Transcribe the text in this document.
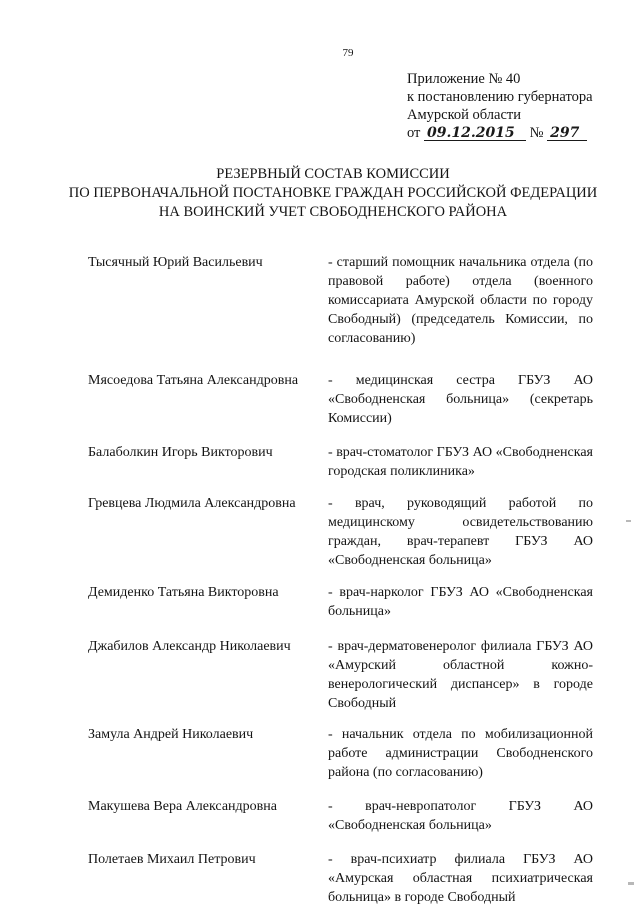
79
Приложение № 40
к постановлению губернатора
Амурской области
от 09.12.2015 № 297
РЕЗЕРВНЫЙ СОСТАВ КОМИССИИ
ПО ПЕРВОНАЧАЛЬНОЙ ПОСТАНОВКЕ ГРАЖДАН РОССИЙСКОЙ ФЕДЕРАЦИИ
НА ВОИНСКИЙ УЧЕТ СВОБОДНЕНСКОГО РАЙОНА
Тысячный Юрий Васильевич	- старший помощник начальника отдела (по правовой работе) отдела (военного комиссариата Амурской области по городу Свободный) (председатель Комиссии, по согласованию)
Мясоедова Татьяна Александровна	- медицинская сестра ГБУЗ АО «Свободненская больница» (секретарь Комиссии)
Балаболкин Игорь Викторович	- врач-стоматолог ГБУЗ АО «Свободненская городская поликлиника»
Гревцева Людмила Александровна	- врач, руководящий работой по медицинскому освидетельствованию граждан, врач-терапевт ГБУЗ АО «Свободненская больница»
Демиденко Татьяна Викторовна	- врач-нарколог ГБУЗ АО «Свободненская больница»
Джабилов Александр Николаевич	- врач-дерматовенеролог филиала ГБУЗ АО «Амурский областной кожно-венерологический диспансер» в городе Свободный
Замула Андрей Николаевич	- начальник отдела по мобилизационной работе администрации Свободненского района (по согласованию)
Макушева Вера Александровна	- врач-невропатолог ГБУЗ АО «Свободненская больница»
Полетаев Михаил Петрович	- врач-психиатр филиала ГБУЗ АО «Амурская областная психиатрическая больница» в городе Свободный
